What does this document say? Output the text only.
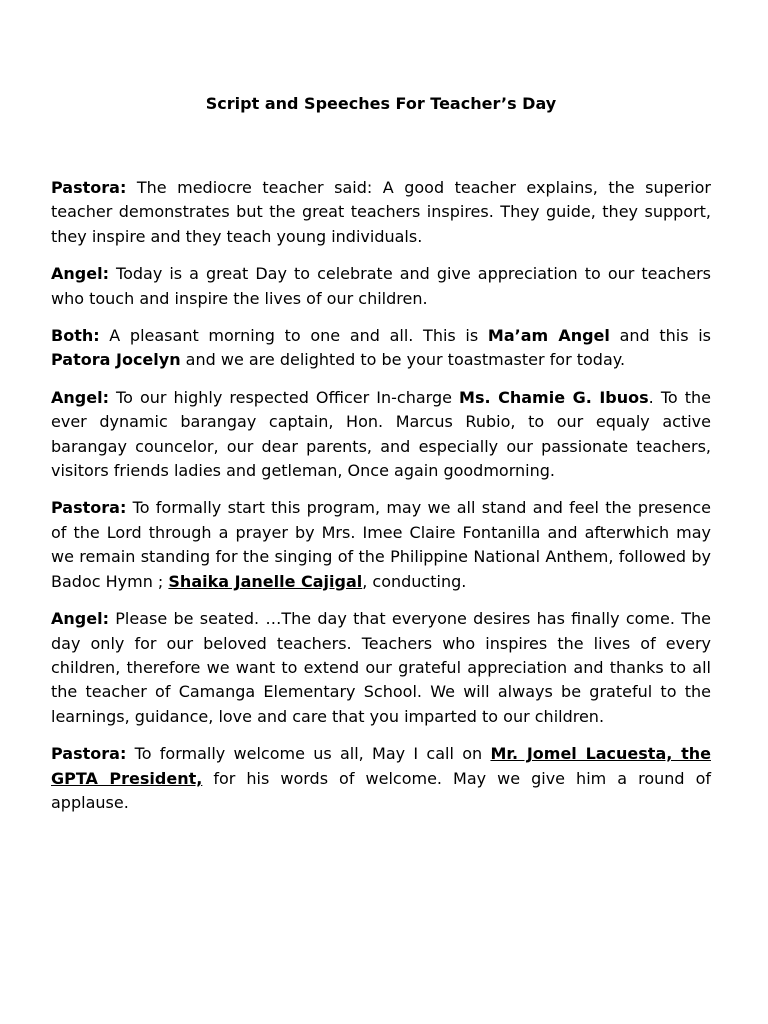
Script and Speeches For Teacher’s Day

Pastora: The mediocre teacher said: A good teacher explains, the superior teacher demonstrates but the great teachers inspires. They guide, they support, they inspire and they teach young individuals.

Angel: Today is a great Day to celebrate and give appreciation to our teachers who touch and inspire the lives of our children.

Both: A pleasant morning to one and all. This is Ma’am Angel and this is Patora Jocelyn and we are delighted to be your toastmaster for today.

Angel: To our highly respected Officer In-charge Ms. Chamie G. Ibuos. To the ever dynamic barangay captain, Hon. Marcus Rubio, to our equaly active barangay councelor, our dear parents, and especially our passionate teachers, visitors friends ladies and getleman, Once again goodmorning.

Pastora: To formally start this program, may we all stand and feel the presence of the Lord through a prayer by Mrs. Imee Claire Fontanilla and afterwhich may we remain standing for the singing of the Philippine National Anthem, followed by Badoc Hymn ; Shaika Janelle Cajigal, conducting.

Angel: Please be seated. …The day that everyone desires has finally come. The day only for our beloved teachers. Teachers who inspires the lives of every children, therefore we want to extend our grateful appreciation and thanks to all the teacher of Camanga Elementary School. We will always be grateful to the learnings, guidance, love and care that you imparted to our children.

Pastora: To formally welcome us all, May I call on Mr. Jomel Lacuesta, the GPTA President, for his words of welcome. May we give him a round of applause.
